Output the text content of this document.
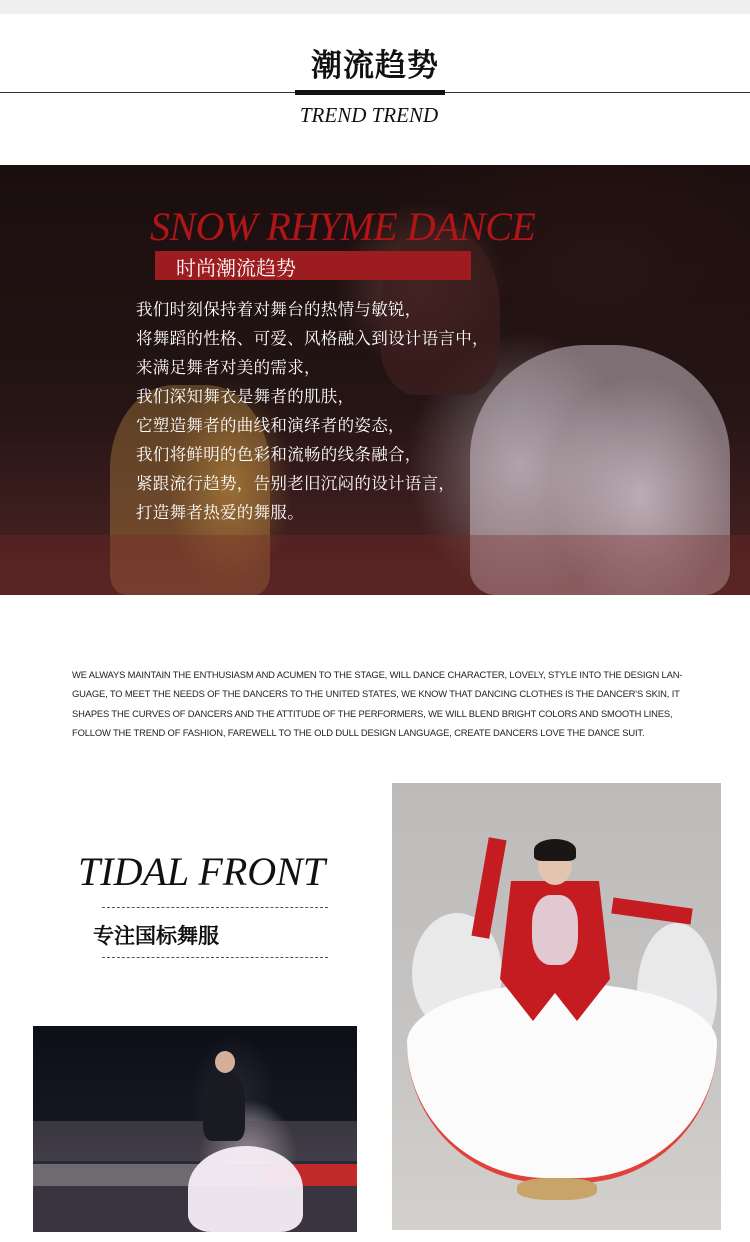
潮流趋势
TREND TREND
SNOW RHYME DANCE
时尚潮流趋势
我们时刻保持着对舞台的热情与敏锐，
将舞蹈的性格、可爱、风格融入到设计语言中，
来满足舞者对美的需求，
我们深知舞衣是舞者的肌肤，
它塑造舞者的曲线和演绎者的姿态，
我们将鲜明的色彩和流畅的线条融合，
紧跟流行趋势，告别老旧沉闷的设计语言，
打造舞者热爱的舞服。
WE ALWAYS MAINTAIN THE ENTHUSIASM AND ACUMEN TO THE STAGE, WILL DANCE CHARACTER, LOVELY, STYLE INTO THE DESIGN LAN-
GUAGE, TO MEET THE NEEDS OF THE DANCERS TO THE UNITED STATES, WE KNOW THAT DANCING CLOTHES IS THE DANCER'S SKIN, IT
SHAPES THE CURVES OF DANCERS AND THE ATTITUDE OF THE PERFORMERS, WE WILL BLEND BRIGHT COLORS AND SMOOTH LINES,
FOLLOW THE TREND OF FASHION, FAREWELL TO THE OLD DULL DESIGN LANGUAGE, CREATE DANCERS LOVE THE DANCE SUIT.
TIDAL FRONT
专注国标舞服
